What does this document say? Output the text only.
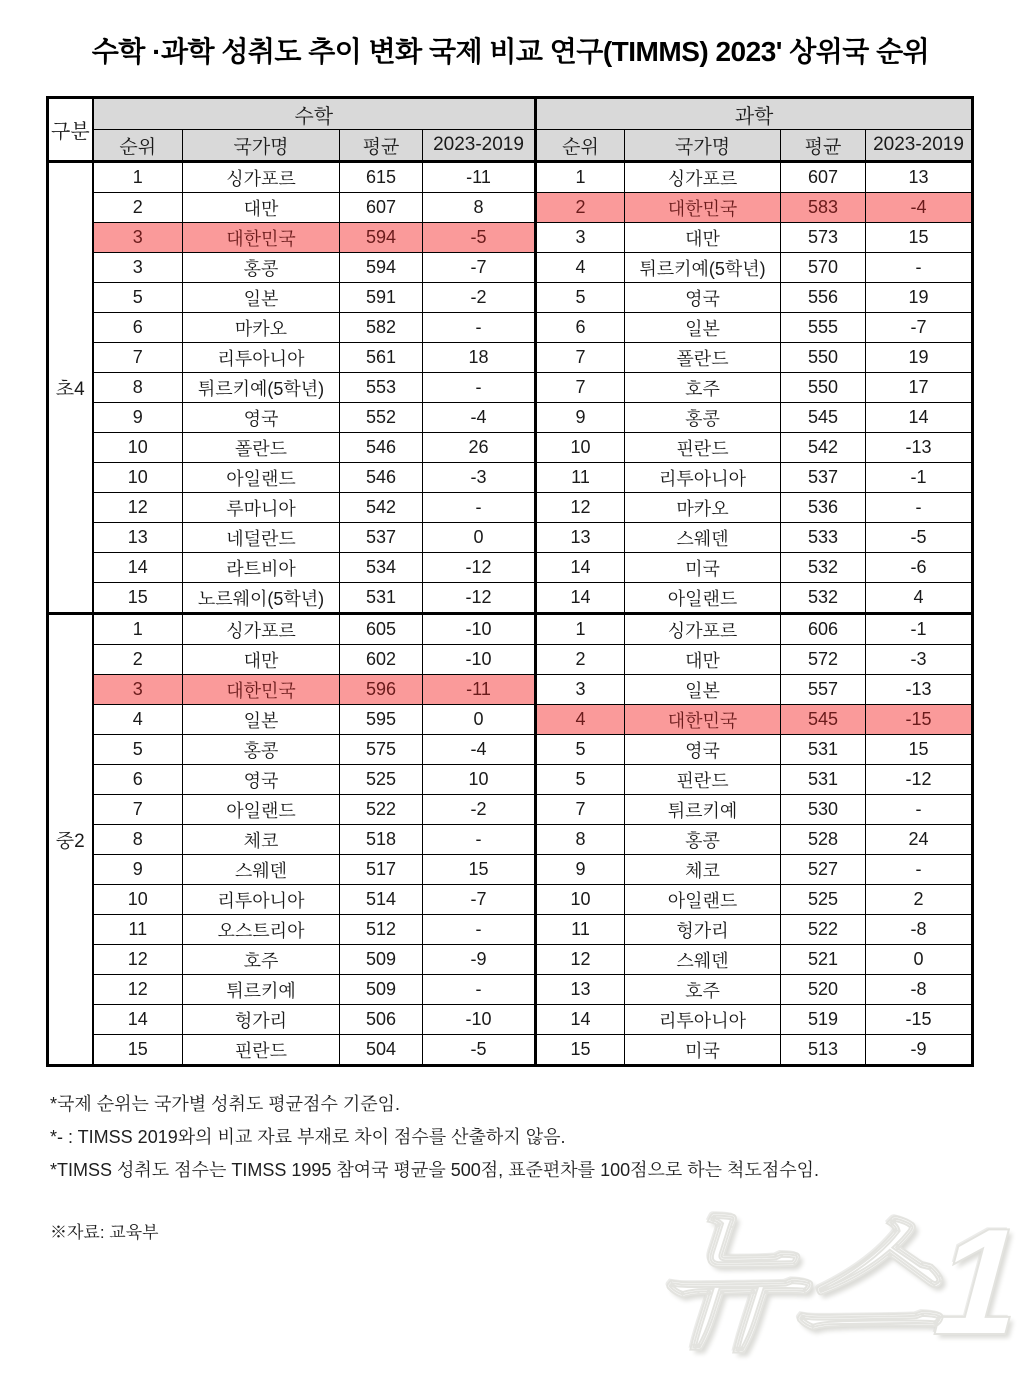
수학 ·과학 성취도 추이 변화 국제 비교 연구(TIMMS) 2023' 상위국 순위
구분	수학				과학			
	순위	국가명	평균	2023-2019	순위	국가명	평균	2023-2019
초4	1	싱가포르	615	-11	1	싱가포르	607	13
	2	대만	607	8	2	대한민국	583	-4
	3	대한민국	594	-5	3	대만	573	15
	3	홍콩	594	-7	4	튀르키예(5학년)	570	-
	5	일본	591	-2	5	영국	556	19
	6	마카오	582	-	6	일본	555	-7
	7	리투아니아	561	18	7	폴란드	550	19
	8	튀르키예(5학년)	553	-	7	호주	550	17
	9	영국	552	-4	9	홍콩	545	14
	10	폴란드	546	26	10	핀란드	542	-13
	10	아일랜드	546	-3	11	리투아니아	537	-1
	12	루마니아	542	-	12	마카오	536	-
	13	네덜란드	537	0	13	스웨덴	533	-5
	14	라트비아	534	-12	14	미국	532	-6
	15	노르웨이(5학년)	531	-12	14	아일랜드	532	4
중2	1	싱가포르	605	-10	1	싱가포르	606	-1
	2	대만	602	-10	2	대만	572	-3
	3	대한민국	596	-11	3	일본	557	-13
	4	일본	595	0	4	대한민국	545	-15
	5	홍콩	575	-4	5	영국	531	15
	6	영국	525	10	5	핀란드	531	-12
	7	아일랜드	522	-2	7	튀르키예	530	-
	8	체코	518	-	8	홍콩	528	24
	9	스웨덴	517	15	9	체코	527	-
	10	리투아니아	514	-7	10	아일랜드	525	2
	11	오스트리아	512	-	11	헝가리	522	-8
	12	호주	509	-9	12	스웨덴	521	0
	12	튀르키예	509	-	13	호주	520	-8
	14	헝가리	506	-10	14	리투아니아	519	-15
	15	핀란드	504	-5	15	미국	513	-9
*국제 순위는 국가별 성취도 평균점수 기준임.
*- : TIMSS 2019와의 비교 자료 부재로 차이 점수를 산출하지 않음.
*TIMSS 성취도 점수는 TIMSS 1995 참여국 평균을 500점, 표준편차를 100점으로 하는 척도점수임.
※자료: 교육부	뉴스1
